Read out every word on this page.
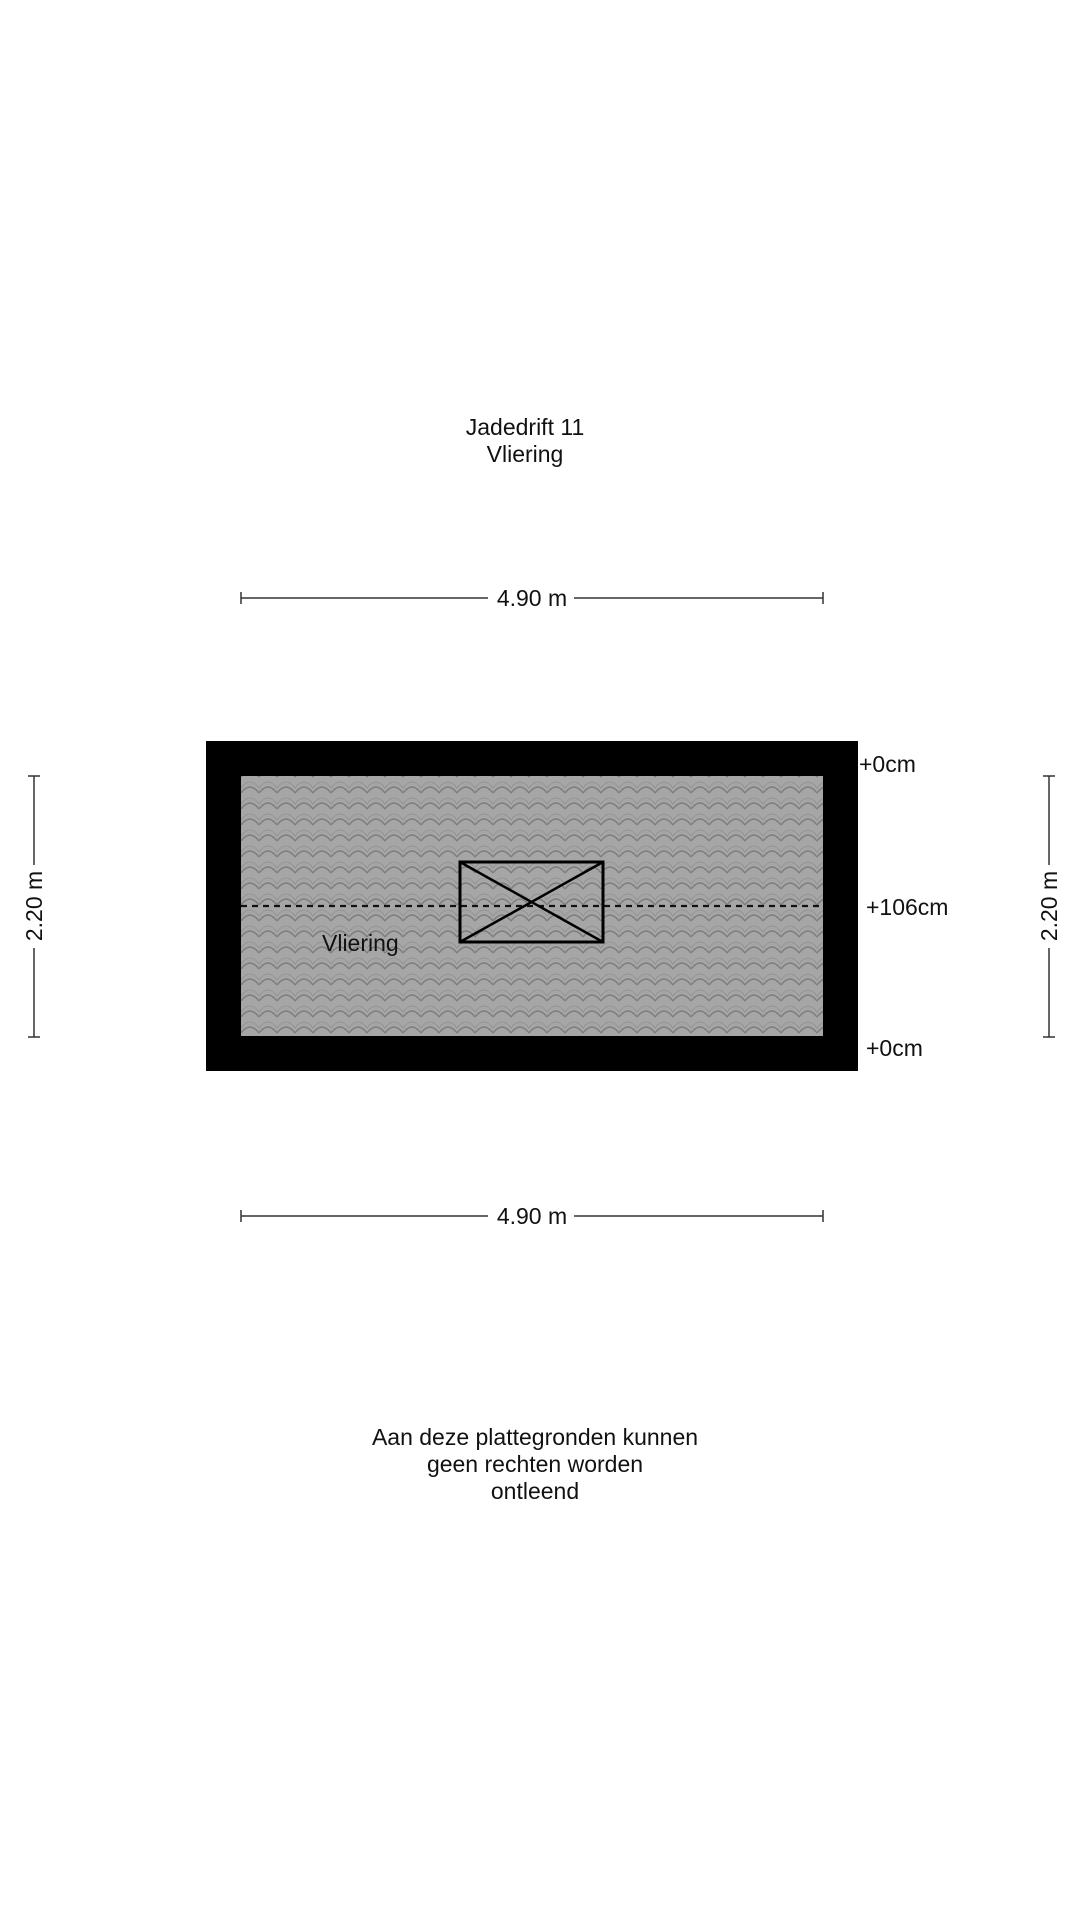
Jadedrift 11
Vliering
4.90 m
Vliering
+0cm
+106cm
+0cm
2.20 m	2.20 m
4.90 m
Aan deze plattegronden kunnen
geen rechten worden
ontleend
